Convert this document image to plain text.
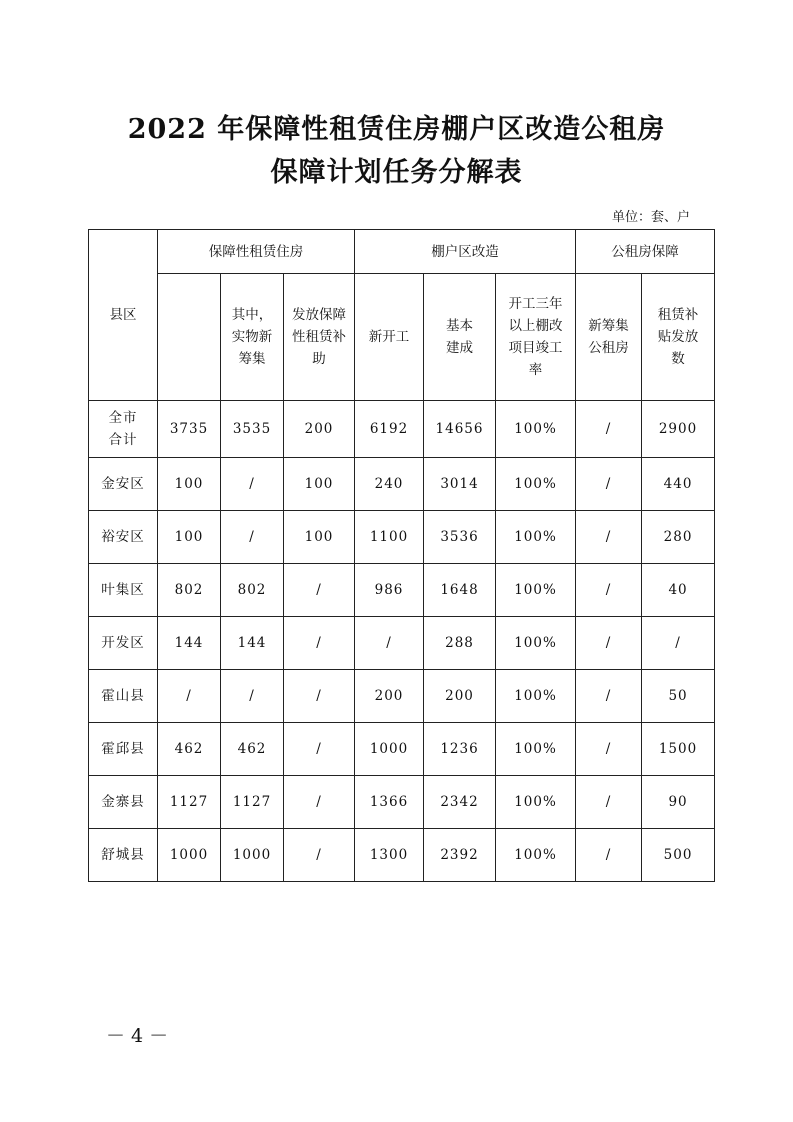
2022 年保障性租赁住房棚户区改造公租房
保障计划任务分解表
单位：套、户
县区	保障性租赁住房			棚户区改造			公租房保障	
		其中，实物新筹集	发放保障性租赁补助	新开工	基本建成	开工三年以上棚改项目竣工率	新筹集公租房	租赁补贴发放数
全市合计	3735	3535	200	6192	14656	100%	/	2900
金安区	100	/	100	240	3014	100%	/	440
裕安区	100	/	100	1100	3536	100%	/	280
叶集区	802	802	/	986	1648	100%	/	40
开发区	144	144	/	/	288	100%	/	/
霍山县	/	/	/	200	200	100%	/	50
霍邱县	462	462	/	1000	1236	100%	/	1500
金寨县	1127	1127	/	1366	2342	100%	/	90
舒城县	1000	1000	/	1300	2392	100%	/	500
－ 4 －
